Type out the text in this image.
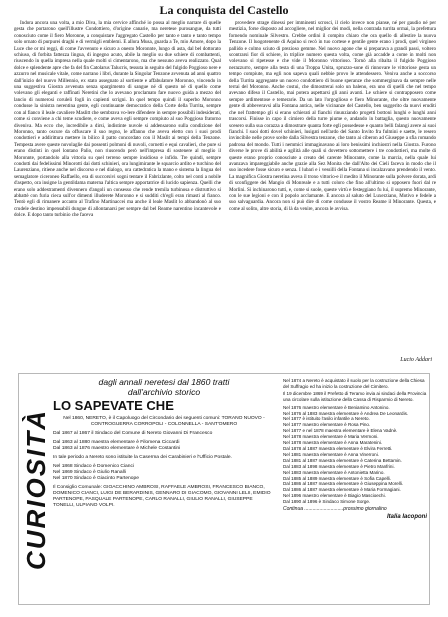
La conquista del Castello

Indora ancora una volta, a mio Diva, la mia cervice affinché io possa al meglio narrare di quelle gesta che portarono quell'illustre Condottiero, d'origine canarie, ma neretese purosangue, da tutti conosciuto come il fiero Moronne, a conquistare l'aggregato Castello per tanto e tanto e tanto tempo solo ornato di purpurei draghi e di vermigli emblemi. E allora Musa, guarda a Te, mio Amore, dopo la Luce che or mi reggi, di come l'avvenuto e sicuro a onesto Moronnte, lungo di asta, dal bel dottorato schiuso, di forbita fattezza lingua, di ingegno acuto, abile la meglio su due schiere di combattenti, riuscendo in quella impresa nella quale molti si cimentarono, ma che nessuno aveva realizzato. Qual dolce e splendente apre che fa del fin Catolarus Talucris, tessuta in seguito del fulgido Poggioso nere e azzurro nel musicale vitale, come narrano i libri, durante la Singolar Tenzone avvenuta ad anni quattro dall'inizio del nuovo Millennio, ex stato assegnato al sortiente e affabulatore Moronno, vincendo in una suggestiva Giostra avvenuta senza spargimento di sangue né di questo né di quello come volevano gli eleganti e raffinati Neretini che lo avevano proclamato fare nuovo guida a mezzo del lancio di numerosi coruleli fogli in capienti scrigni. In quel tempo quindi il superbo Moronno condusse la sinistra nerentina gente, egli continuante democratico della Corte della Turrita, sempre con al fianco il leale cavaliere Maslitt che sembrava vo-lere difendere in sempre possibili indesiderati, come si conviene a chi teme scudiere, e come aveva egli sempre compiuto al suo Poggioso fratorno diveniva. Ma ecco che, incredibile a dirsi, indistinte nuvole si addensarono sulla condizione del Moronno, tanto oscure da offuscare il suo regno, le affanno che aveva eletto con i suoi prodi condottieri e addirittura mettere in bilico il patto concordato con il Maslit ai tempi della Tenzone. Tempesta avere queste nuvolaglie dai possenti polmoni di nuvoli, cornetti e equi cavalieri, che pure si erano distinti in quel lontano Palio, non riuscendo però nell'impresa di sostenere al meglio il Moronnte, portandolo alla vittoria su quel terreno sempre insidioso e infido. Tre quindi, sempre condotti dai fedelissimi Minorotti dai dotti schinieri, ora lungimirante le squarcio ardito e turchino del Laurenziano, ritiene anche nel discorso e nel dialogo, ora cattedratica la mano e sistema la lingua del semaglatore ciceroneo Raffaello, era di succorsivi sogni tentare il Fabrizlante, colto nel conti a nobile d'aspetto, ora insigne la gentildama materna l'altica sempre apportatrice di lucido sapienza. Quelli che erano solo addestramenti divennero d'angoli un consesso che rende tremila turbinosa e distruttivo si abbattè con furia cieca sull'or dimenti illuderete Moronno e si sudditi ch'egli eran rimasti al fianco. Tentò egli di rimanere accanto al Trafino Martinaccei ma anche il leale Maslit lo abbandonò al suo crudele destino impensabili dungue di allontanarsi per sempre dal bel Reame narentino incantevole e dolce. E dopo tanto turbinio che faceva

provedere strage dinessi per imminenti scrosci, il cielo invece non pianse, né per gaudio né per mestizia, forse disposto ad accogliere, nel miglior dei modi, nella contrada turrita ormai, la prefettura fornendo nominale Silvestro. Crebbe ordini il compito chiaro che ora quello di allestire la nuova Tenzone. Il luogotenente di Aquino si recò in tuo cortese e gentile gente erano i prodi, quel virgineo pallido e colmo sciuto di prezioso gemme. Nel nuovo agone che si preparava a grandi passi, voltero scontrarsi fior di schiere, in triplice numero questa volta, come già accadde a come in molti non volevano si ripetesse e che vide il Moronno vittorioso. Tornò alla ribalta il fulgido Poggioso nerazzurro, sempre alla testa di una Troppa Unita, spruzzo-sone di rinnovare le vittoriose gesta un tempo compiute, ma egli non sapeva quali nebbie provo le attendessero. Veniva anche a soccorso della Turrita aggregante un nuovo condottiero di buone speranze che sommerginava da sempre nelle terrai del Moronno. Anche costui, che dimostrerai solo un baleno, era uno di quelli che nel tempo avevano difeso il Castello, mai potera aspettarsi gli anni avanti. Le schiere si contrapposero come sempre ardimentose e temerarie. Da un lato l'orgoglioso e fiero Minorante, che oltre nuovamente gente di abbeveravsi alla Fontana antica, nelle vicinanze del Castello, ben suggerito da nuovi eruditi che nel frattempo gli si erano schierati al fianchi rinunziando progetti bottoni lunghi e lunghi anni trascorsi. Finisse in capo il cimiero della turre piume e, andando in battaglia, questo nuovamente scesero sulla sua corazza a dimostrare quanta forte egli possedesse e quanto belli falangi avere ai suoi fianchi. I suoi dotti dovel schinieri, lusigati nell'ardo del Santo Invito fra fulmini e saette, le resero invincibile nelle prove scelte dalla Silvestra tenzone, che tanto ai ciberon ad Giuseppe a sfia romando padrona del mondo. Tutti i nemmici immaginavano ai loro benissimi inchiostri nella Giostra. Furono diverse le prove di abilità e agilità alle quali si dovettero sottomettere i tre condottieri, ma molte di queste erano proprio conosciute a creato del carente Minorante, come la marcia, nella quale lui avanzava impareggiabile anche grazie alla Sez Monita che dall'Alto dei Cieli faceva in modo che il suo incedere fosse sicuro e senza. I lubari e i vessilli della Fontana si incalzavano prendendo il vento. La magnifica Giostra neretina aveva il trono vittorio-e il medito il Minorante sulla polvere dorata, ardì di sconfiggere dei Mangio di Monreale e a tutti coloro che fino all'ultimo si opposero fuori dal re Morlini. Si inchinarono tutti, e, come si suole, queste virtù e festeggiano fu lui, il supremo Minorante, con le sue legioni e con il popolo acclamante. E ancora al saluto del Luxerziano, Motivo e fedele a suo salvaguardia. Ancora non si può dire di come condusse il vostro Reame il Minorante. Questa, e come al solito, altre storia, di là da venire, ancora le avvisa.

Lucio Addari
CURIOSITÀ
dagli annali neretesi dal 1860 tratti
dall'archivio storico
LO SAPEVATE CHE
Nel 1860, NERETO, è il Capoluogo del Circondario dei seguenti comuni: TORANO NUOVO - CONTROGUERRA CORROPOLI - COLONNELLA - SANT'OMERO
Dal 1867 al 1867 il Sindaco del Comune di Nereto Giovanni Di Francesco
Dal 1863 al 1880 maestra elementare è Filomena Ciccardi
Dal 1863 al 1876 maestro elementare è Michele Costantini
In tale periodo a Nereto sono istituite la Caserma dei Carabinieri e l'Ufficio Postale.
Nel 1868 Sindaco è Domenico Cianci
Nel 1869 Sindaco è Giulio Ranalli
Nel 1870 Sindaco è Giacinto Partenope
Il Consiglio Comunale: GIOACCHINO AMBROSI, RAFFAELE AMBROSI, FRANCESCO BIANCO, DOMENICO CIANCI, LUIGI DE BERARDINIS, GENNARO DI GIACOMO, GIOVANNI LELII, EMIDIO PARTENOPE, PASQUALE PARTENOPE, CARLO RANALLI, GIULIO RANALLI, GIUSEPPE TONELLI, ULPIANO VOLPI.
Nel 1874 a Nereto è acquistato il suolo per la costruzione della Chiesa del Suffragio ed ha inizio la costruzione del Cimitero.
Il 19 dicembre 1869 il Prefetto di Teramo invia ai sindaci della Provincia una circolare sulla istituzione della Cassa di Risparmio di Nereto.
Nel 1876 maestro elementare è Beniamino Antonino.
Nel 1876 al 1883 maestra elementare è Andrea De Leonardis.
Nel 1877 è istituito l'asilo infantile a Nereto.
Nel 1877 maestro elementare è Rosa Pino.
Nel 1877 e nel 1878 maestra elementare è Elena Vadnè.
Nel 1878 maestra elementare è Maria Vermoni.
Nel 1878 maestra elementare è Anna Maratenini.
Dal 1878 al 1887 maestra elementare è Elvira Ferretti.
Nel 1881 maestra elementare è Anna Vinerroni.
Dal 1881 al 1887 maestra elementare è Caterina Bettamin.
Dal 1883 al 1898 maestra elementare è Pietro Manfrini.
Nel 1883 maestra elementare è Antonietta Marino.
Dal 1885 al 1889 maestra elementare è Sofia Capelli.
Dal 1886 al 1887 maestra elementare è Giuseppina Morelli.
Dal 1886 al 1887 maestra elementare è Maria Formagiani.
Nel 1896 maestro elementare è Biagio Mascioechi.
Dal 1890 al 1896 è Sindaco Simone Sorge.
Continua ............................prossimo giornalino
Italia Iacoponi
